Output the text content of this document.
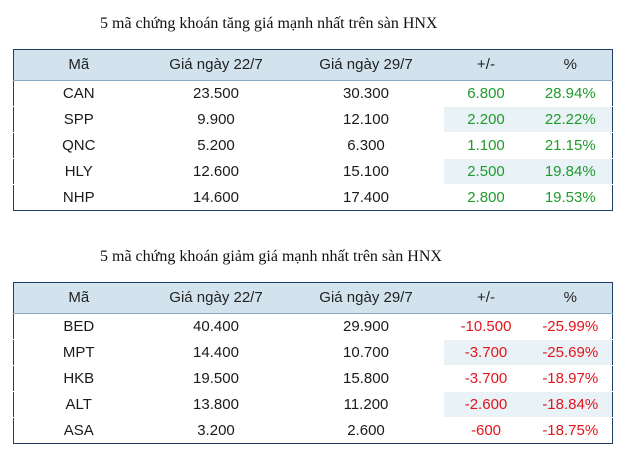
5 mã chứng khoán tăng giá mạnh nhất trên sàn HNX
Mã	Giá ngày 22/7	Giá ngày 29/7	+/-	%
CAN	23.500	30.300	6.800	28.94%
SPP	9.900	12.100	2.200	22.22%
QNC	5.200	6.300	1.100	21.15%
HLY	12.600	15.100	2.500	19.84%
NHP	14.600	17.400	2.800	19.53%
5 mã chứng khoán giảm giá mạnh nhất trên sàn HNX
Mã	Giá ngày 22/7	Giá ngày 29/7	+/-	%
BED	40.400	29.900	-10.500	-25.99%
MPT	14.400	10.700	-3.700	-25.69%
HKB	19.500	15.800	-3.700	-18.97%
ALT	13.800	11.200	-2.600	-18.84%
ASA	3.200	2.600	-600	-18.75%
